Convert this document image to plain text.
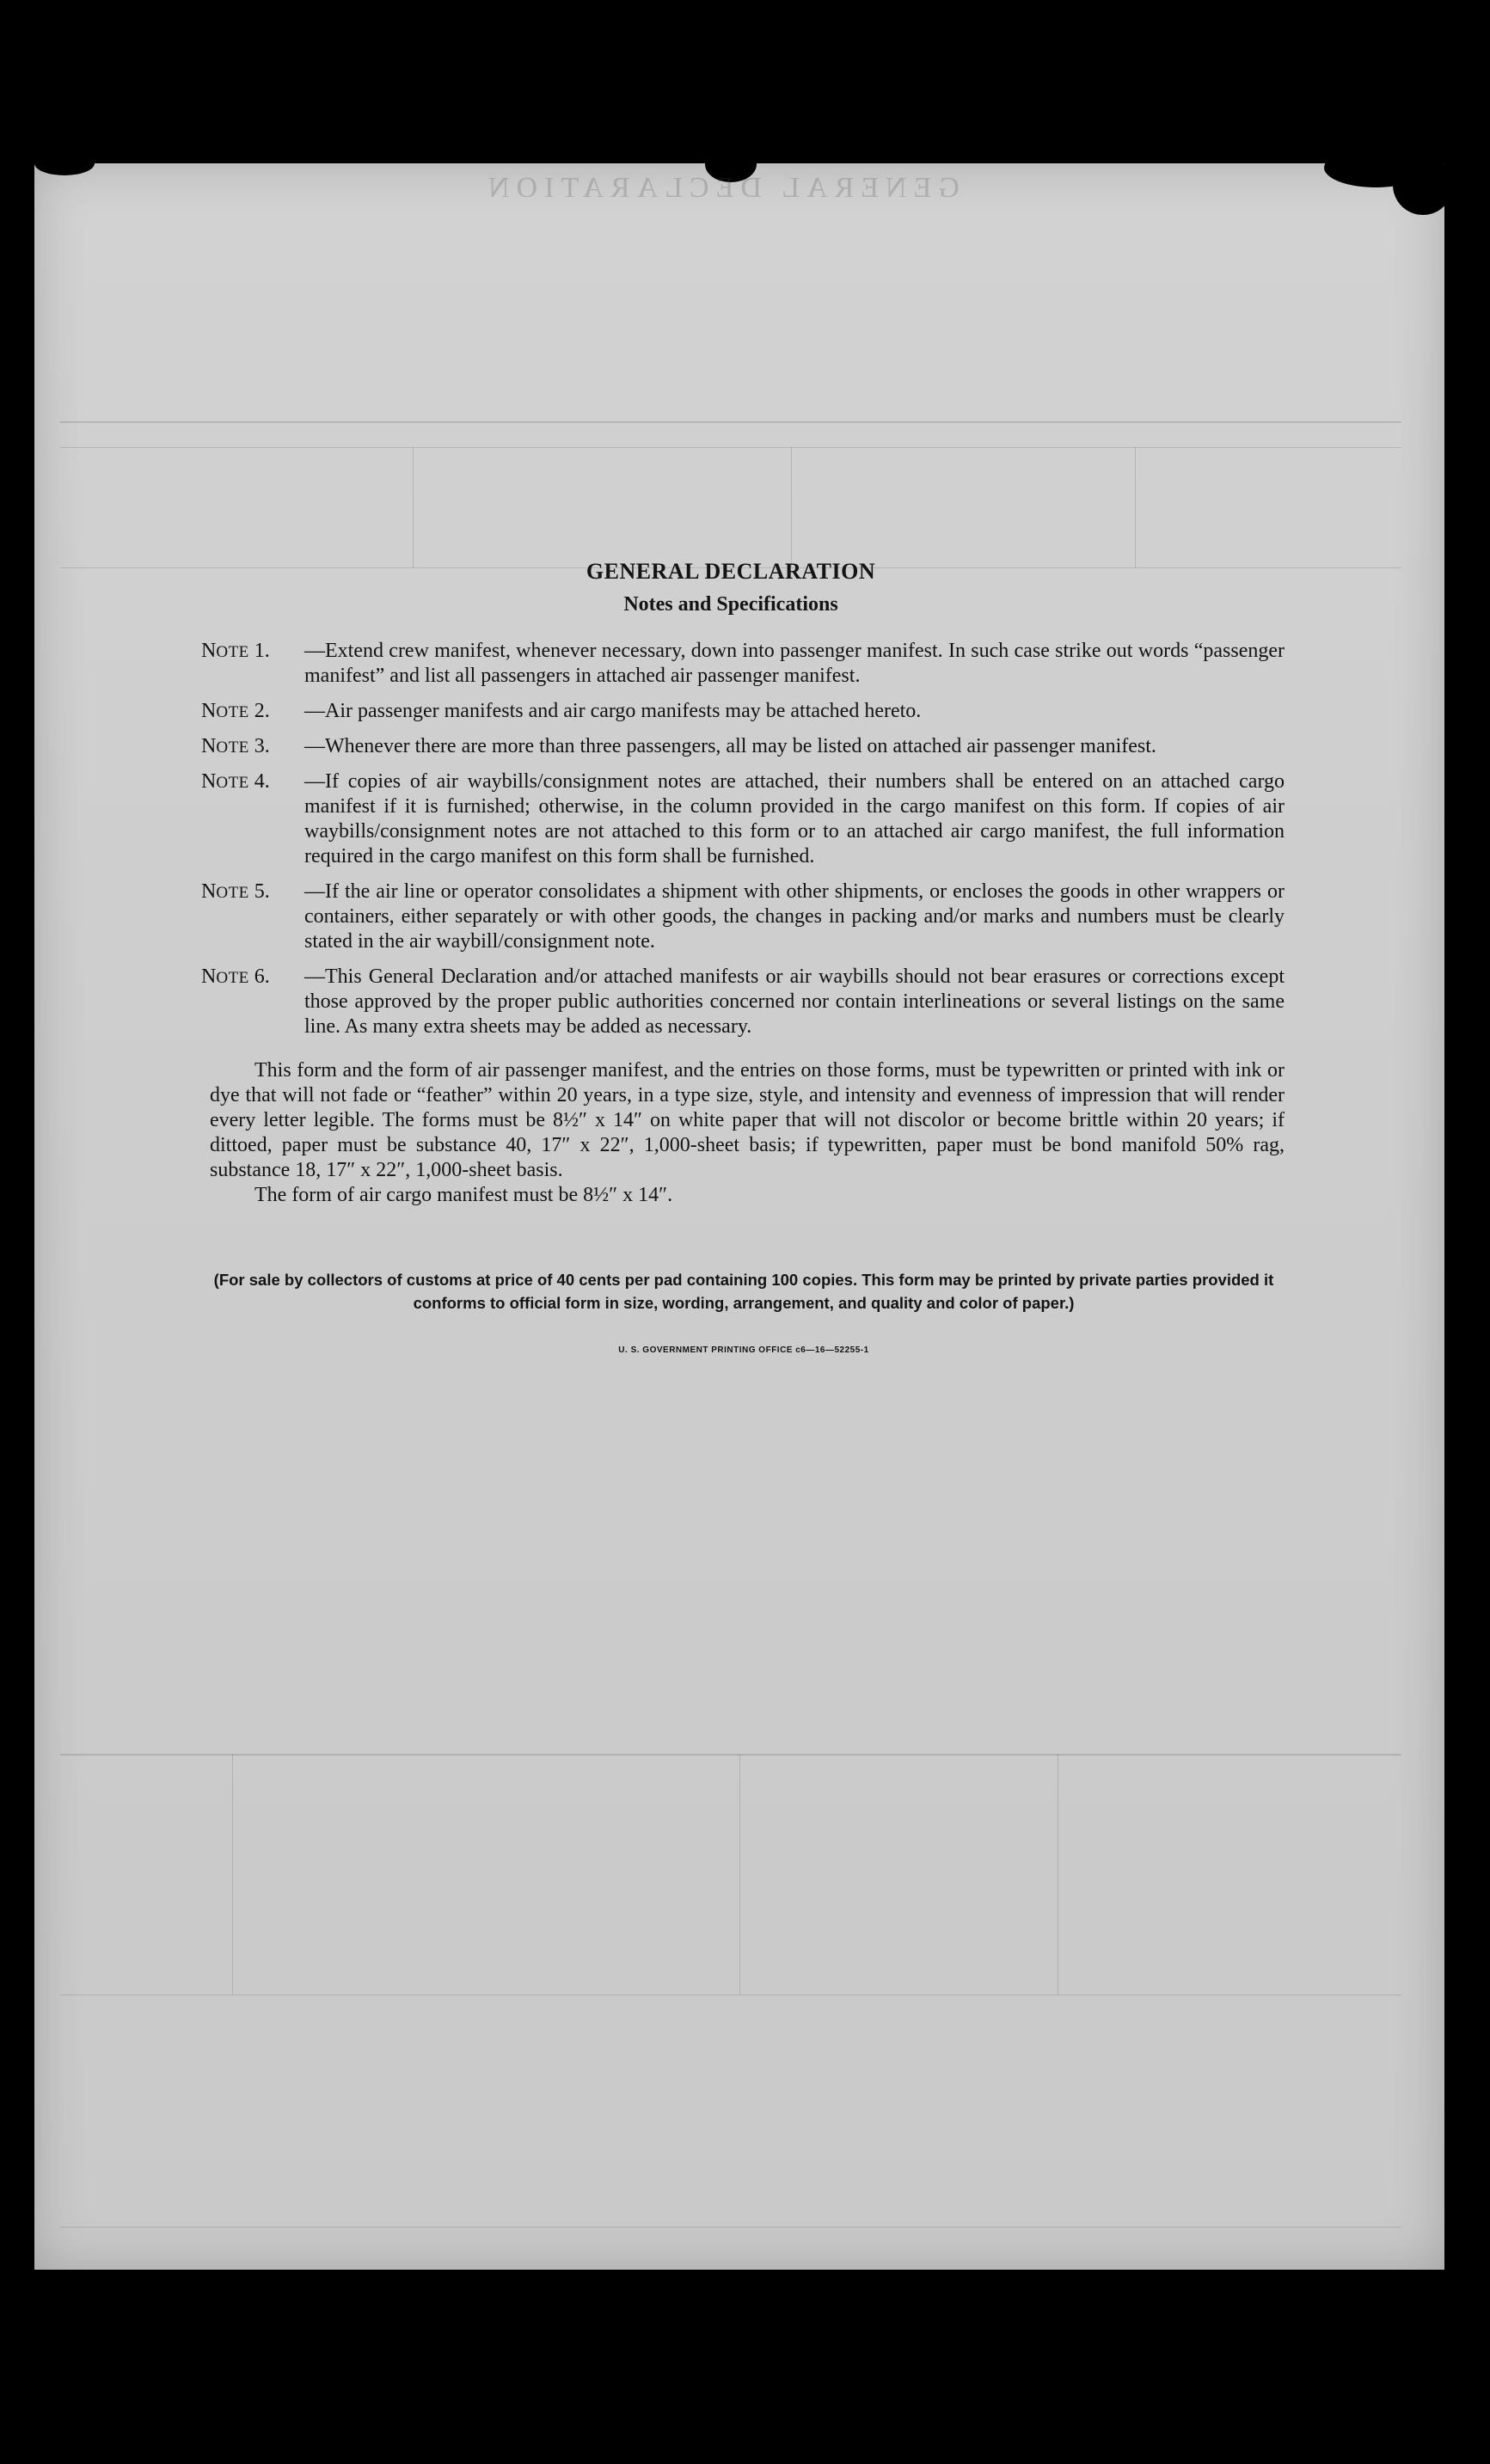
GENERAL DECLARATION
GENERAL DECLARATION
Notes and Specifications

NOTE 1. —Extend crew manifest, whenever necessary, down into passenger manifest. In such case strike out words “passenger manifest” and list all passengers in attached air passenger manifest.

NOTE 2. —Air passenger manifests and air cargo manifests may be attached hereto.

NOTE 3. —Whenever there are more than three passengers, all may be listed on attached air passenger manifest.

NOTE 4. —If copies of air waybills/consignment notes are attached, their numbers shall be entered on an attached cargo manifest if it is furnished; otherwise, in the column provided in the cargo manifest on this form. If copies of air waybills/consignment notes are not attached to this form or to an attached air cargo manifest, the full information required in the cargo manifest on this form shall be furnished.

NOTE 5. —If the air line or operator consolidates a shipment with other shipments, or encloses the goods in other wrappers or containers, either separately or with other goods, the changes in packing and/or marks and numbers must be clearly stated in the air waybill/consignment note.

NOTE 6. —This General Declaration and/or attached manifests or air waybills should not bear erasures or corrections except those approved by the proper public authorities concerned nor contain interlineations or several listings on the same line. As many extra sheets may be added as necessary.

This form and the form of air passenger manifest, and the entries on those forms, must be typewritten or printed with ink or dye that will not fade or “feather” within 20 years, in a type size, style, and intensity and evenness of impression that will render every letter legible. The forms must be 8½″ x 14″ on white paper that will not discolor or become brittle within 20 years; if dittoed, paper must be substance 40, 17″ x 22″, 1,000-sheet basis; if typewritten, paper must be bond manifold 50% rag, substance 18, 17″ x 22″, 1,000-sheet basis.

The form of air cargo manifest must be 8½″ x 14″.

(For sale by collectors of customs at price of 40 cents per pad containing 100 copies. This form may be printed by private parties provided it conforms to official form in size, wording, arrangement, and quality and color of paper.)

U. S. GOVERNMENT PRINTING OFFICE c6—16—52255-1
